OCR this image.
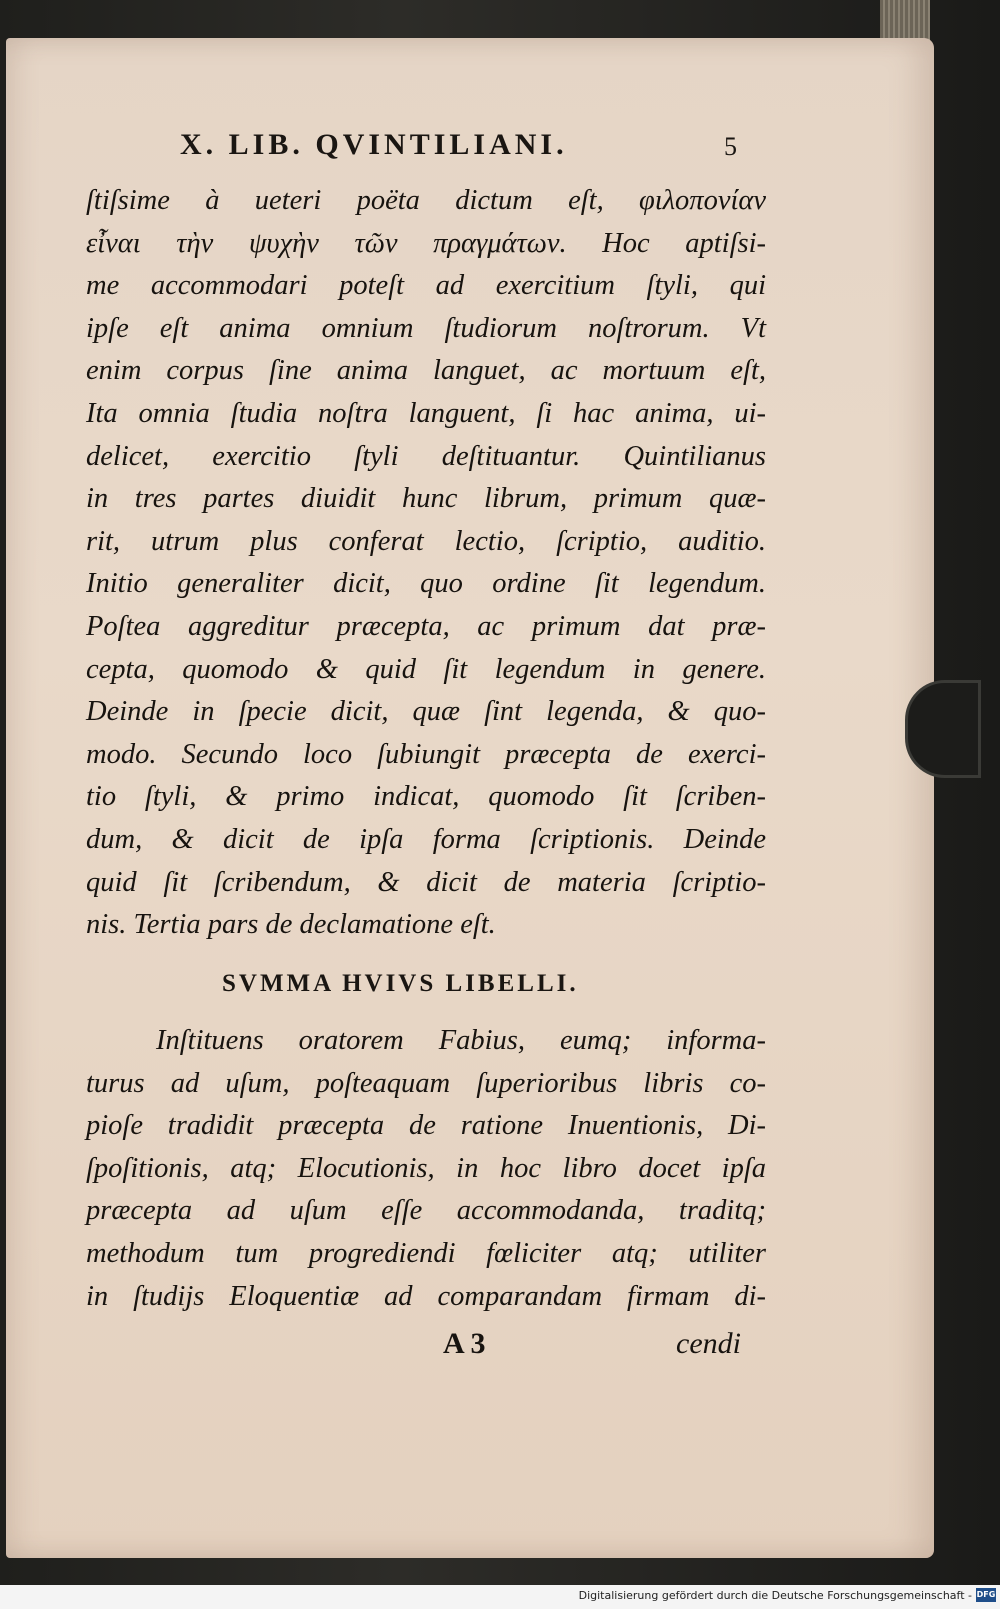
X. LIB. QVINTILIANI.	5
ſtiſsime à ueteri poëta dictum eſt, φιλοπονίαν
εἶναι τὴν ψυχὴν τῶν πραγμάτων. Hoc aptiſsi-
me accommodari poteſt ad exercitium ſtyli, qui
ipſe eſt anima omnium ſtudiorum noſtrorum. Vt
enim corpus ſine anima languet, ac mortuum eſt,
Ita omnia ſtudia noſtra languent, ſi hac anima, ui-
delicet, exercitio ſtyli deſtituantur. Quintilianus
in tres partes diuidit hunc librum, primum quæ-
rit, utrum plus conferat lectio, ſcriptio, auditio.
Initio generaliter dicit, quo ordine ſit legendum.
Poſtea aggreditur præcepta, ac primum dat præ-
cepta, quomodo & quid ſit legendum in genere.
Deinde in ſpecie dicit, quæ ſint legenda, & quo-
modo. Secundo loco ſubiungit præcepta de exerci-
tio ſtyli, & primo indicat, quomodo ſit ſcriben-
dum, & dicit de ipſa forma ſcriptionis. Deinde
quid ſit ſcribendum, & dicit de materia ſcriptio-
nis. Tertia pars de declamatione eſt.
SVMMA HVIVS LIBELLI.
Inſtituens oratorem Fabius, eumq; informa-
turus ad uſum, poſteaquam ſuperioribus libris co-
pioſe tradidit præcepta de ratione Inuentionis, Di-
ſpoſitionis, atq; Elocutionis, in hoc libro docet ipſa
præcepta ad uſum eſſe accommodanda, traditq;
methodum tum progrediendi fœliciter atq; utiliter
in ſtudijs Eloquentiæ ad comparandam firmam di-
A 3	cendi
Digitalisierung gefördert durch die Deutsche Forschungsgemeinschaft - DFG
